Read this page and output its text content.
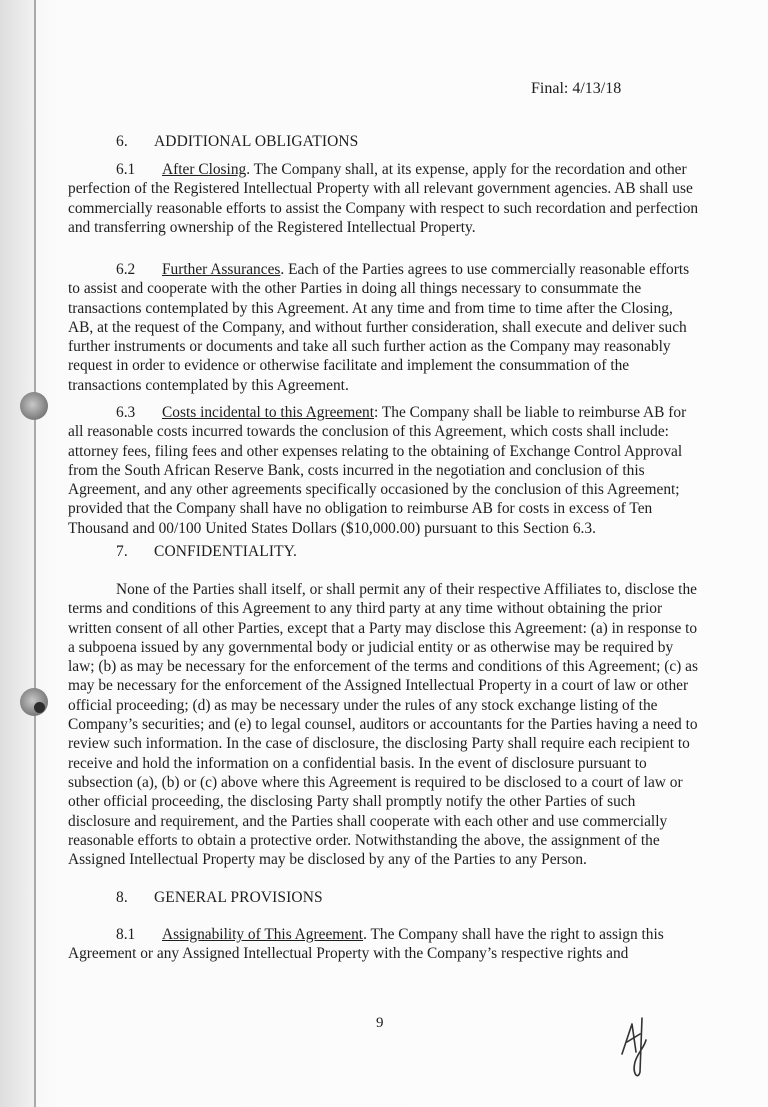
Final: 4/13/18
6. ADDITIONAL OBLIGATIONS
6.1 After Closing. The Company shall, at its expense, apply for the recordation and other perfection of the Registered Intellectual Property with all relevant government agencies. AB shall use commercially reasonable efforts to assist the Company with respect to such recordation and perfection and transferring ownership of the Registered Intellectual Property.
6.2 Further Assurances. Each of the Parties agrees to use commercially reasonable efforts to assist and cooperate with the other Parties in doing all things necessary to consummate the transactions contemplated by this Agreement. At any time and from time to time after the Closing, AB, at the request of the Company, and without further consideration, shall execute and deliver such further instruments or documents and take all such further action as the Company may reasonably request in order to evidence or otherwise facilitate and implement the consummation of the transactions contemplated by this Agreement.
6.3 Costs incidental to this Agreement: The Company shall be liable to reimburse AB for all reasonable costs incurred towards the conclusion of this Agreement, which costs shall include: attorney fees, filing fees and other expenses relating to the obtaining of Exchange Control Approval from the South African Reserve Bank, costs incurred in the negotiation and conclusion of this Agreement, and any other agreements specifically occasioned by the conclusion of this Agreement; provided that the Company shall have no obligation to reimburse AB for costs in excess of Ten Thousand and 00/100 United States Dollars ($10,000.00) pursuant to this Section 6.3.
7. CONFIDENTIALITY.
None of the Parties shall itself, or shall permit any of their respective Affiliates to, disclose the terms and conditions of this Agreement to any third party at any time without obtaining the prior written consent of all other Parties, except that a Party may disclose this Agreement: (a) in response to a subpoena issued by any governmental body or judicial entity or as otherwise may be required by law; (b) as may be necessary for the enforcement of the terms and conditions of this Agreement; (c) as may be necessary for the enforcement of the Assigned Intellectual Property in a court of law or other official proceeding; (d) as may be necessary under the rules of any stock exchange listing of the Company’s securities; and (e) to legal counsel, auditors or accountants for the Parties having a need to review such information. In the case of disclosure, the disclosing Party shall require each recipient to receive and hold the information on a confidential basis. In the event of disclosure pursuant to subsection (a), (b) or (c) above where this Agreement is required to be disclosed to a court of law or other official proceeding, the disclosing Party shall promptly notify the other Parties of such disclosure and requirement, and the Parties shall cooperate with each other and use commercially reasonable efforts to obtain a protective order. Notwithstanding the above, the assignment of the Assigned Intellectual Property may be disclosed by any of the Parties to any Person.
8. GENERAL PROVISIONS
8.1 Assignability of This Agreement. The Company shall have the right to assign this Agreement or any Assigned Intellectual Property with the Company’s respective rights and
9
